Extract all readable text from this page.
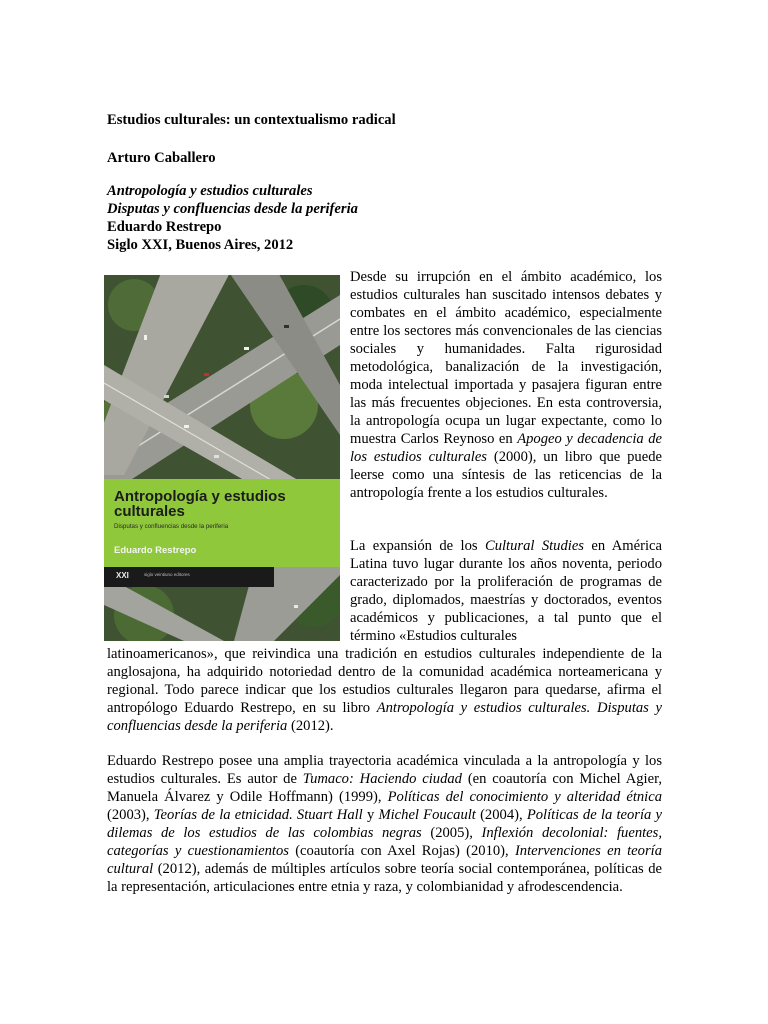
Estudios culturales: un contextualismo radical
Arturo Caballero
Antropología y estudios culturales
Disputas y confluencias desde la periferia
Eduardo Restrepo
Siglo XXI, Buenos Aires, 2012
Antropología y estudios culturales
Disputas y confluencias desde la periferia
Eduardo Restrepo
XXI	siglo veintiuno editores
Desde su irrupción en el ámbito académico, los estudios culturales han suscitado intensos debates y combates en el ámbito académico, especialmente entre los sectores más convencionales de las ciencias sociales y humanidades. Falta rigurosidad metodológica, banalización de la investigación, moda intelectual importada y pasajera figuran entre las más frecuentes objeciones. En esta controversia, la antropología ocupa un lugar expectante, como lo muestra Carlos Reynoso en Apogeo y decadencia de los estudios culturales (2000), un libro que puede leerse como una síntesis de las reticencias de la antropología frente a los estudios culturales.
La expansión de los Cultural Studies en América Latina tuvo lugar durante los años noventa, periodo caracterizado por la proliferación de programas de grado, diplomados, maestrías y doctorados, eventos académicos y publicaciones, a tal punto que el término «Estudios culturales
latinoamericanos», que reivindica una tradición en estudios culturales independiente de la anglosajona, ha adquirido notoriedad dentro de la comunidad académica norteamericana y regional. Todo parece indicar que los estudios culturales llegaron para quedarse, afirma el antropólogo Eduardo Restrepo, en su libro Antropología y estudios culturales. Disputas y confluencias desde la periferia (2012).
Eduardo Restrepo posee una amplia trayectoria académica vinculada a la antropología y los estudios culturales. Es autor de Tumaco: Haciendo ciudad (en coautoría con Michel Agier, Manuela Álvarez y Odile Hoffmann) (1999), Políticas del conocimiento y alteridad étnica (2003), Teorías de la etnicidad. Stuart Hall y Michel Foucault (2004), Políticas de la teoría y dilemas de los estudios de las colombias negras (2005), Inflexión decolonial: fuentes, categorías y cuestionamientos (coautoría con Axel Rojas) (2010), Intervenciones en teoría cultural (2012), además de múltiples artículos sobre teoría social contemporánea, políticas de la representación, articulaciones entre etnia y raza, y colombianidad y afrodescendencia.
